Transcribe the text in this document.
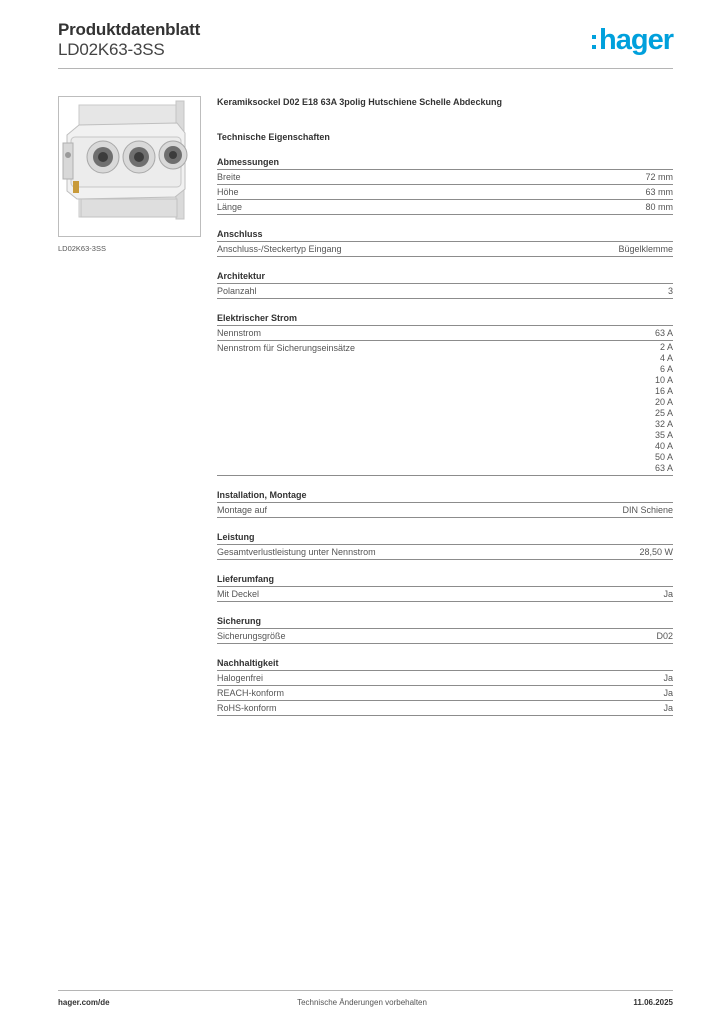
Produktdatenblatt
LD02K63-3SS	hager
LD02K63-3SS
Keramiksockel D02 E18 63A 3polig Hutschiene Schelle Abdeckung
Technische Eigenschaften
Abmessungen
Breite	72 mm
Höhe	63 mm
Länge	80 mm
Anschluss
Anschluss-/Steckertyp Eingang	Bügelklemme
Architektur
Polanzahl	3
Elektrischer Strom
Nennstrom	63 A
Nennstrom für Sicherungseinsätze	2 A
4 A
6 A
10 A
16 A
20 A
25 A
32 A
35 A
40 A
50 A
63 A
Installation, Montage
Montage auf	DIN Schiene
Leistung
Gesamtverlustleistung unter Nennstrom	28,50 W
Lieferumfang
Mit Deckel	Ja
Sicherung
Sicherungsgröße	D02
Nachhaltigkeit
Halogenfrei	Ja
REACH-konform	Ja
RoHS-konform	Ja
hager.com/de	Technische Änderungen vorbehalten	11.06.2025
